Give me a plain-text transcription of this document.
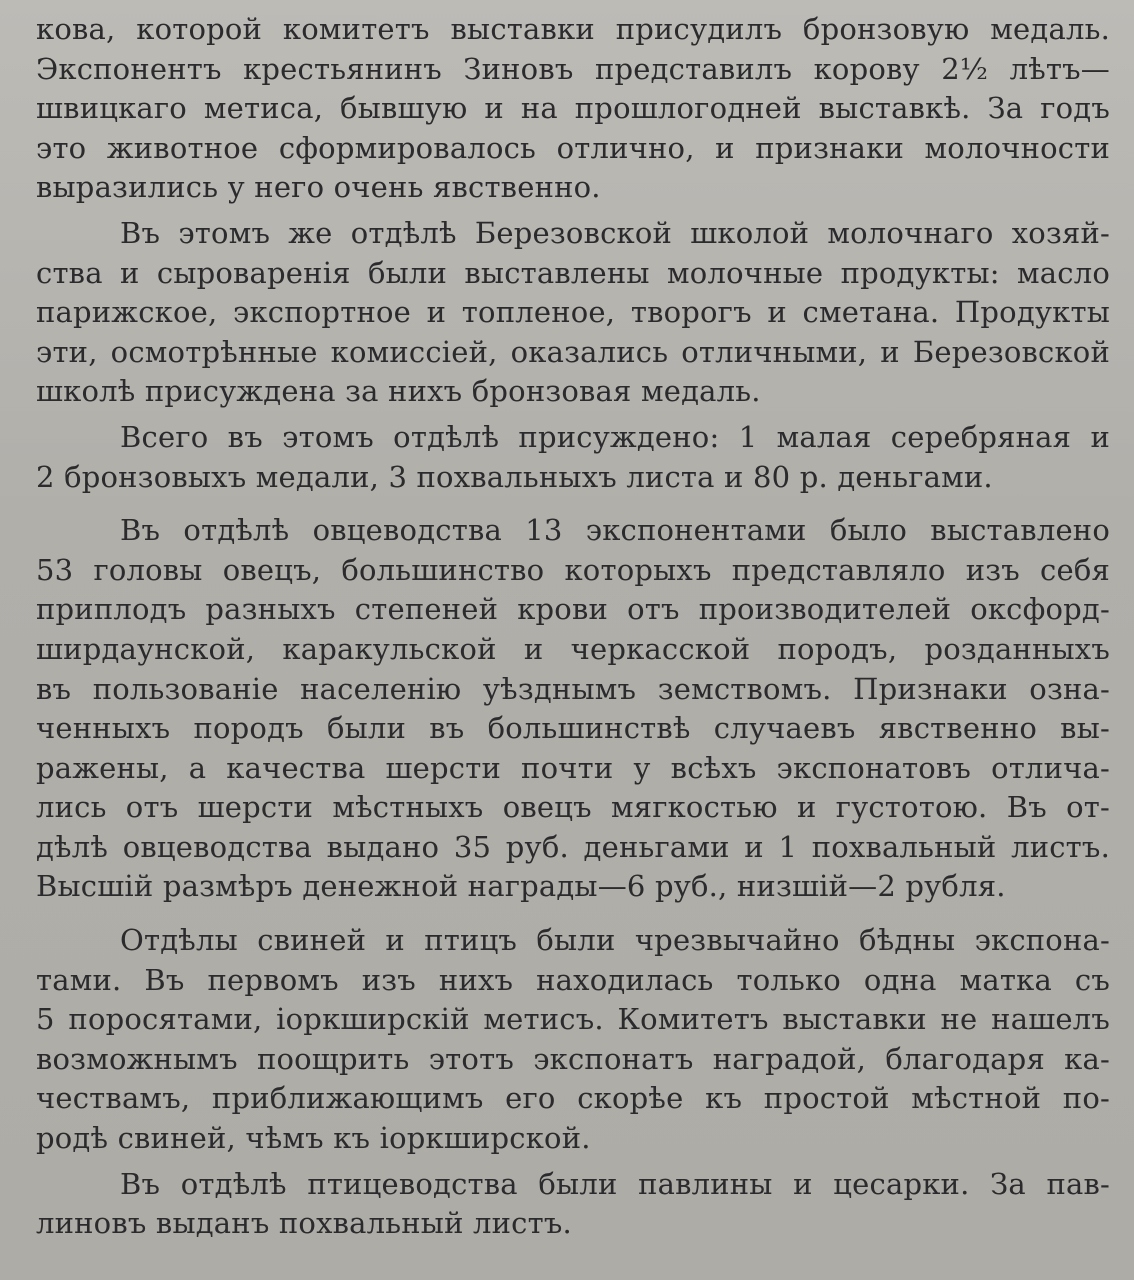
кова, которой комитетъ выставки присудилъ бронзовую медаль.
Экспонентъ крестьянинъ Зиновъ представилъ корову 2½ лѣтъ—
швицкаго метиса, бывшую и на прошлогодней выставкѣ. За годъ
это животное сформировалось отлично, и признаки молочности
выразились у него очень явственно.

Въ этомъ же отдѣлѣ Березовской школой молочнаго хозяй-
ства и сыроваренія были выставлены молочные продукты: масло
парижское, экспортное и топленое, творогъ и сметана. Продукты
эти, осмотрѣнные комиссіей, оказались отличными, и Березовской
школѣ присуждена за нихъ бронзовая медаль.

Всего въ этомъ отдѣлѣ присуждено: 1 малая серебряная и
2 бронзовыхъ медали, 3 похвальныхъ листа и 80 р. деньгами.

Въ отдѣлѣ овцеводства 13 экспонентами было выставлено
53 головы овецъ, большинство которыхъ представляло изъ себя
приплодъ разныхъ степеней крови отъ производителей оксфорд-
ширдаунской, каракульской и черкасской породъ, розданныхъ
въ пользованіе населенію уѣзднымъ земствомъ. Признаки озна-
ченныхъ породъ были въ большинствѣ случаевъ явственно вы-
ражены, а качества шерсти почти у всѣхъ экспонатовъ отлича-
лись отъ шерсти мѣстныхъ овецъ мягкостью и густотою. Въ от-
дѣлѣ овцеводства выдано 35 руб. деньгами и 1 похвальный листъ.
Высшій размѣръ денежной награды—6 руб., низшій—2 рубля.

Отдѣлы свиней и птицъ были чрезвычайно бѣдны экспона-
тами. Въ первомъ изъ нихъ находилась только одна матка съ
5 поросятами, іоркширскій метисъ. Комитетъ выставки не нашелъ
возможнымъ поощрить этотъ экспонатъ наградой, благодаря ка-
чествамъ, приближающимъ его скорѣе къ простой мѣстной по-
родѣ свиней, чѣмъ къ іоркширской.

Въ отдѣлѣ птицеводства были павлины и цесарки. За пав-
линовъ выданъ похвальный листъ.
